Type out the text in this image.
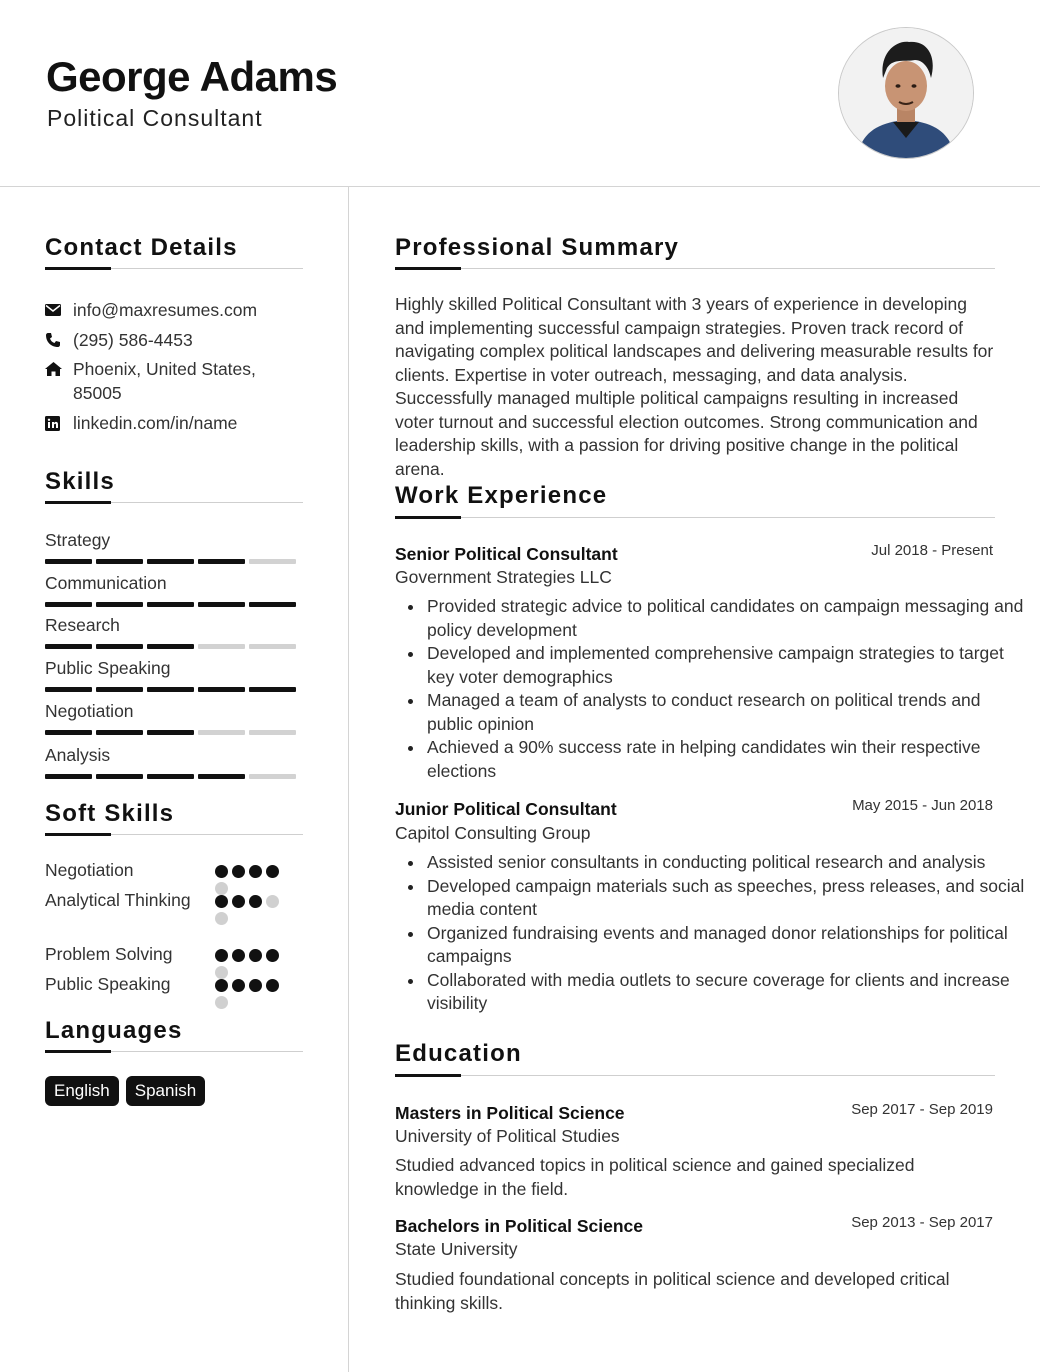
George Adams
Political Consultant
Contact Details
info@maxresumes.com
(295) 586-4453
Phoenix, United States, 85005
linkedin.com/in/name
Skills
Strategy
Communication
Research
Public Speaking
Negotiation
Analysis
Soft Skills
Negotiation
Analytical Thinking
Problem Solving
Public Speaking
Languages
English	Spanish
Professional Summary

Highly skilled Political Consultant with 3 years of experience in developing and implementing successful campaign strategies. Proven track record of navigating complex political landscapes and delivering measurable results for clients. Expertise in voter outreach, messaging, and data analysis. Successfully managed multiple political campaigns resulting in increased voter turnout and successful election outcomes. Strong communication and leadership skills, with a passion for driving positive change in the political arena.

Work Experience
Senior Political Consultant	Jul 2018 - Present
Government Strategies LLC
Provided strategic advice to political candidates on campaign messaging and policy development
Developed and implemented comprehensive campaign strategies to target key voter demographics
Managed a team of analysts to conduct research on political trends and public opinion
Achieved a 90% success rate in helping candidates win their respective elections
Junior Political Consultant	May 2015 - Jun 2018
Capitol Consulting Group
Assisted senior consultants in conducting political research and analysis
Developed campaign materials such as speeches, press releases, and social media content
Organized fundraising events and managed donor relationships for political campaigns
Collaborated with media outlets to secure coverage for clients and increase visibility
Education
Masters in Political Science	Sep 2017 - Sep 2019
University of Political Studies

Studied advanced topics in political science and gained specialized knowledge in the field.

Bachelors in Political Science	Sep 2013 - Sep 2017
State University

Studied foundational concepts in political science and developed critical thinking skills.
